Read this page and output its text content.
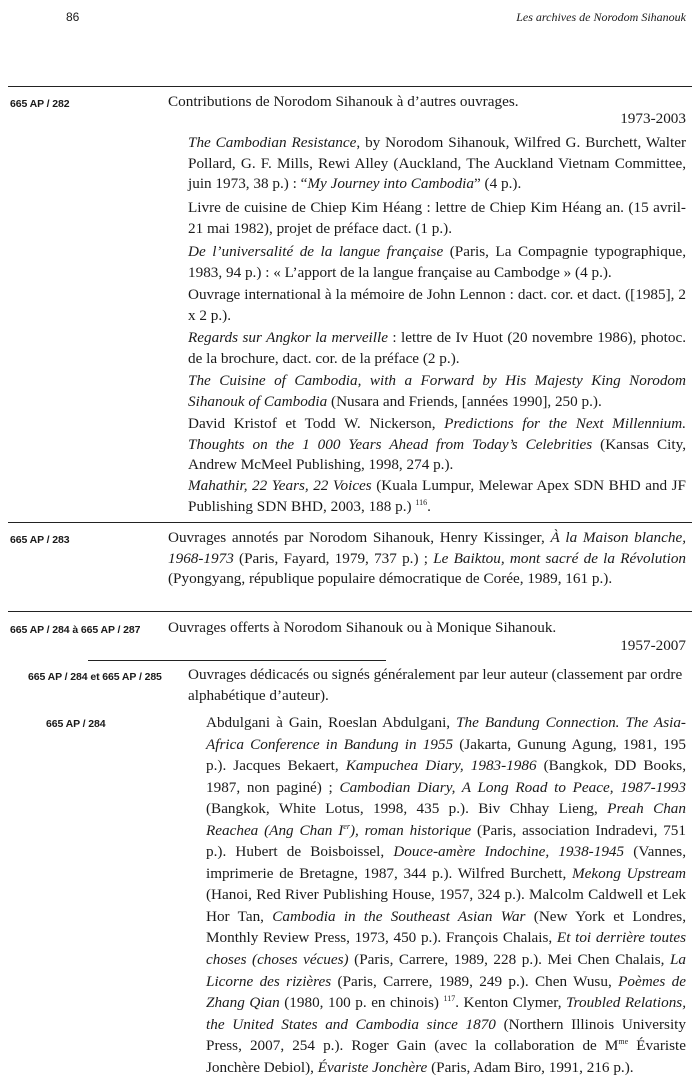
86	Les archives de Norodom Sihanouk
665 AP / 282	Contributions de Norodom Sihanouk à d’autres ouvrages.
1973-2003
The Cambodian Resistance, by Norodom Sihanouk, Wilfred G. Burchett, Walter Pollard, G. F. Mills, Rewi Alley (Auckland, The Auckland Vietnam Committee, juin 1973, 38 p.) : “My Journey into Cambodia” (4 p.).
Livre de cuisine de Chiep Kim Héang : lettre de Chiep Kim Héang an. (15 avril-21 mai 1982), projet de préface dact. (1 p.).
De l’universalité de la langue française (Paris, La Compagnie typographique, 1983, 94 p.) : « L’apport de la langue française au Cambodge » (4 p.).
Ouvrage international à la mémoire de John Lennon : dact. cor. et dact. ([1985], 2 x 2 p.).
Regards sur Angkor la merveille : lettre de Iv Huot (20 novembre 1986), photoc. de la brochure, dact. cor. de la préface (2 p.).
The Cuisine of Cambodia, with a Forward by His Majesty King Norodom Sihanouk of Cambodia (Nusara and Friends, [années 1990], 250 p.).
David Kristof et Todd W. Nickerson, Predictions for the Next Millennium. Thoughts on the 1 000 Years Ahead from Today’s Celebrities (Kansas City, Andrew McMeel Publishing, 1998, 274 p.).
Mahathir, 22 Years, 22 Voices (Kuala Lumpur, Melewar Apex SDN BHD and JF Publishing SDN BHD, 2003, 188 p.) $^{116}$.
665 AP / 283	Ouvrages annotés par Norodom Sihanouk, Henry Kissinger, À la Maison blanche, 1968-1973 (Paris, Fayard, 1979, 737 p.) ; Le Baiktou, mont sacré de la Révolution (Pyongyang, république populaire démocratique de Corée, 1989, 161 p.).
665 AP / 284 à 665 AP / 287 Ouvrages offerts à Norodom Sihanouk ou à Monique Sihanouk.
1957-2007
665 AP / 284 et 665 AP / 285 Ouvrages dédicacés ou signés généralement par leur auteur (classement par ordre alphabétique d’auteur).
665 AP / 284	Abdulgani à Gain, Roeslan Abdulgani, The Bandung Connection. The Asia-Africa Conference in Bandung in 1955 (Jakarta, Gunung Agung, 1981, 195 p.). Jacques Bekaert, Kampuchea Diary, 1983-1986 (Bangkok, DD Books, 1987, non paginé) ; Cambodian Diary, A Long Road to Peace, 1987-1993 (Bangkok, White Lotus, 1998, 435 p.). Biv Chhay Lieng, Preah Chan Reachea (Ang Chan Ier), roman historique (Paris, association Indradevi, 751 p.). Hubert de Boisboissel, Douce-amère Indochine, 1938-1945 (Vannes, imprimerie de Bretagne, 1987, 344 p.). Wilfred Burchett, Mekong Upstream (Hanoi, Red River Publishing House, 1957, 324 p.). Malcolm Caldwell et Lek Hor Tan, Cambodia in the Southeast Asian War (New York et Londres, Monthly Review Press, 1973, 450 p.). François Chalais, Et toi derrière toutes choses (choses vécues) (Paris, Carrere, 1989, 228 p.). Mei Chen Chalais, La Licorne des rizières (Paris, Carrere, 1989, 249 p.). Chen Wusu, Poèmes de Zhang Qian (1980, 100 p. en chinois) $^{117}$. Kenton Clymer, Troubled Relations, the United States and Cambodia since 1870 (Northern Illinois University Press, 2007, 254 p.). Roger Gain (avec la collaboration de $M^{me}$ Évariste Jonchère Debiol), Évariste Jonchère (Paris, Adam Biro, 1991, 216 p.).
